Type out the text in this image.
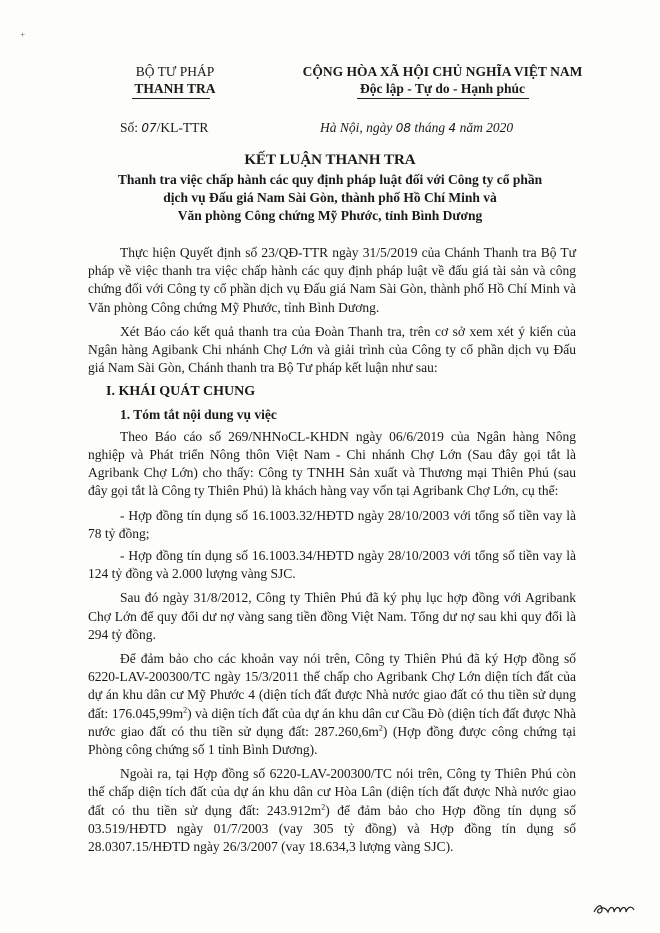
⁺
BỘ TƯ PHÁP
THANH TRA
CỘNG HÒA XÃ HỘI CHỦ NGHĨA VIỆT NAM
Độc lập - Tự do - Hạnh phúc
Số: 07/KL-TTR	Hà Nội, ngày 08 tháng 4 năm 2020
KẾT LUẬN THANH TRA
Thanh tra việc chấp hành các quy định pháp luật đối với Công ty cổ phần
dịch vụ Đấu giá Nam Sài Gòn, thành phố Hồ Chí Minh và
Văn phòng Công chứng Mỹ Phước, tỉnh Bình Dương

Thực hiện Quyết định số 23/QĐ-TTR ngày 31/5/2019 của Chánh Thanh tra Bộ Tư pháp về việc thanh tra việc chấp hành các quy định pháp luật về đấu giá tài sản và công chứng đối với Công ty cổ phần dịch vụ Đấu giá Nam Sài Gòn, thành phố Hồ Chí Minh và Văn phòng Công chứng Mỹ Phước, tỉnh Bình Dương.

Xét Báo cáo kết quả thanh tra của Đoàn Thanh tra, trên cơ sở xem xét ý kiến của Ngân hàng Agibank Chi nhánh Chợ Lớn và giải trình của Công ty cổ phần dịch vụ Đấu giá Nam Sài Gòn, Chánh thanh tra Bộ Tư pháp kết luận như sau:

I. KHÁI QUÁT CHUNG

1. Tóm tắt nội dung vụ việc

Theo Báo cáo số 269/NHNoCL-KHDN ngày 06/6/2019 của Ngân hàng Nông nghiệp và Phát triển Nông thôn Việt Nam - Chi nhánh Chợ Lớn (Sau đây gọi tắt là Agribank Chợ Lớn) cho thấy: Công ty TNHH Sản xuất và Thương mại Thiên Phú (sau đây gọi tắt là Công ty Thiên Phú) là khách hàng vay vốn tại Agribank Chợ Lớn, cụ thể:

- Hợp đồng tín dụng số 16.1003.32/HĐTD ngày 28/10/2003 với tổng số tiền vay là 78 tỷ đồng;

- Hợp đồng tín dụng số 16.1003.34/HĐTD ngày 28/10/2003 với tổng số tiền vay là 124 tỷ đồng và 2.000 lượng vàng SJC.

Sau đó ngày 31/8/2012, Công ty Thiên Phú đã ký phụ lục hợp đồng với Agribank Chợ Lớn để quy đổi dư nợ vàng sang tiền đồng Việt Nam. Tổng dư nợ sau khi quy đổi là 294 tỷ đồng.

Để đảm bảo cho các khoản vay nói trên, Công ty Thiên Phú đã ký Hợp đồng số 6220-LAV-200300/TC ngày 15/3/2011 thế chấp cho Agribank Chợ Lớn diện tích đất của dự án khu dân cư Mỹ Phước 4 (diện tích đất được Nhà nước giao đất có thu tiền sử dụng đất: $176.045,99m^2$) và diện tích đất của dự án khu dân cư Cầu Đò (diện tích đất được Nhà nước giao đất có thu tiền sử dụng đất: $287.260,6m^2$) (Hợp đồng được công chứng tại Phòng công chứng số 1 tỉnh Bình Dương).

Ngoài ra, tại Hợp đồng số 6220-LAV-200300/TC nói trên, Công ty Thiên Phú còn thế chấp diện tích đất của dự án khu dân cư Hòa Lân (diện tích đất được Nhà nước giao đất có thu tiền sử dụng đất: $243.912m^2$) để đảm bảo cho Hợp đồng tín dụng số 03.519/HĐTD ngày 01/7/2003 (vay 305 tỷ đồng) và Hợp đồng tín dụng số 28.0307.15/HĐTD ngày 26/3/2007 (vay 18.634,3 lượng vàng SJC).
